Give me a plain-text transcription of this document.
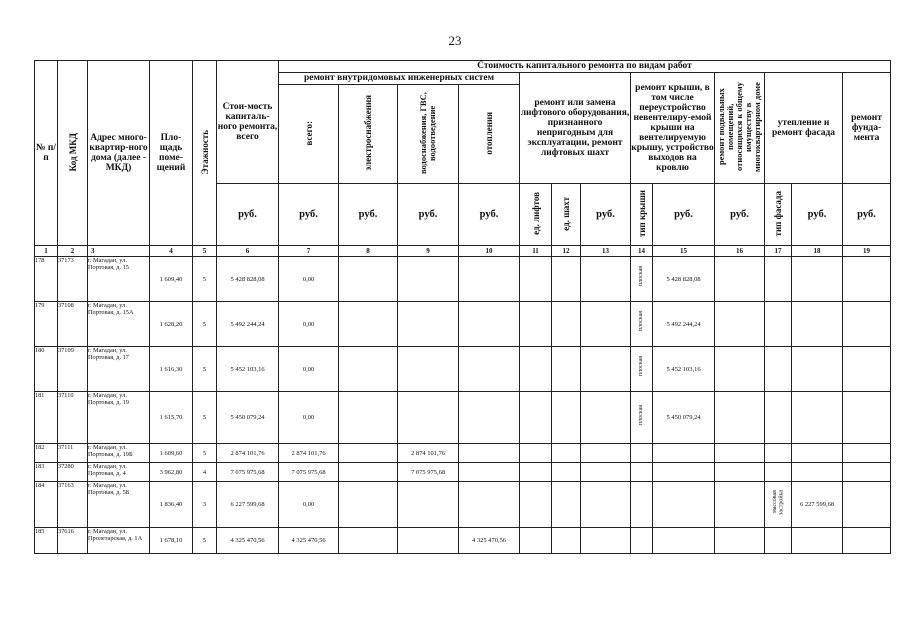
23
№ п/ п	Код МКД	Адрес много-квартир-ного дома (далее - МКД)	Пло-щадь поме-щений	Этажность	Стои-мость капиталь-ного ремонта, всего	Стоимость капитального ремонта по видам работ												
						ремонт внутридомовых инженерных систем				ремонт или замена лифтового оборудования, признанного непригодным для эксплуатации, ремонт лифтовых шахт			ремонт крыши, в том числе переустройство невентелиру-емой крыши на вентелируемую крышу, устройство выходов на кровлю		ремонт подвальных помещений, относящихся к общему имуществу в многоквартирном доме	утепление и ремонт фасада		ремонт фунда-мента
						всего:	электроснабжения	водоснабжения, ГВС, водоотведение	отопления									
					руб.	руб.	руб.	руб.	руб.	ед. лифтов	ед. шахт	руб.	тип крыши	руб.	руб.	тип фасада	руб.	руб.
1	2	3	4	5	6	7	8	9	10	11	12	13	14	15	16	17	18	19
178	37173	г. Магадан, ул. Портовая, д. 15	1 609,40	5	5 428 828,08	0,00							плоская	5 428 828,08				
179	37108	г. Магадан, ул. Портовая, д. 15А	1 628,20	5	5 492 244,24	0,00							плоская	5 492 244,24				
180	37109	г. Магадан, ул. Портовая, д. 17	1 616,30	5	5 452 103,16	0,00							плоская	5 452 103,16				
181	37110	г. Магадан, ул. Портовая, д. 19	1 615,70	5	5 450 079,24	0,00							плоская	5 450 079,24				
182	37111	г. Магадан, ул. Портовая, д. 19Б	1 609,60	5	2 874 101,76	2 874 101,76		2 874 101,76										
183	37280	г. Магадан, ул. Портовая, д. 4	3 962,80	4	7 075 975,68	7 075 975,68		7 075 975,68										
184	37163	г. Магадан, ул. Портовая, д. 5Б	1 836,40	3	6 227 599,68	0,00										массовая застройка	6 227 599,68	
185	37616	г. Магадан, ул. Пролетарская, д. 1А	1 678,10	5	4 325 470,56	4 325 470,56			4 325 470,56									
